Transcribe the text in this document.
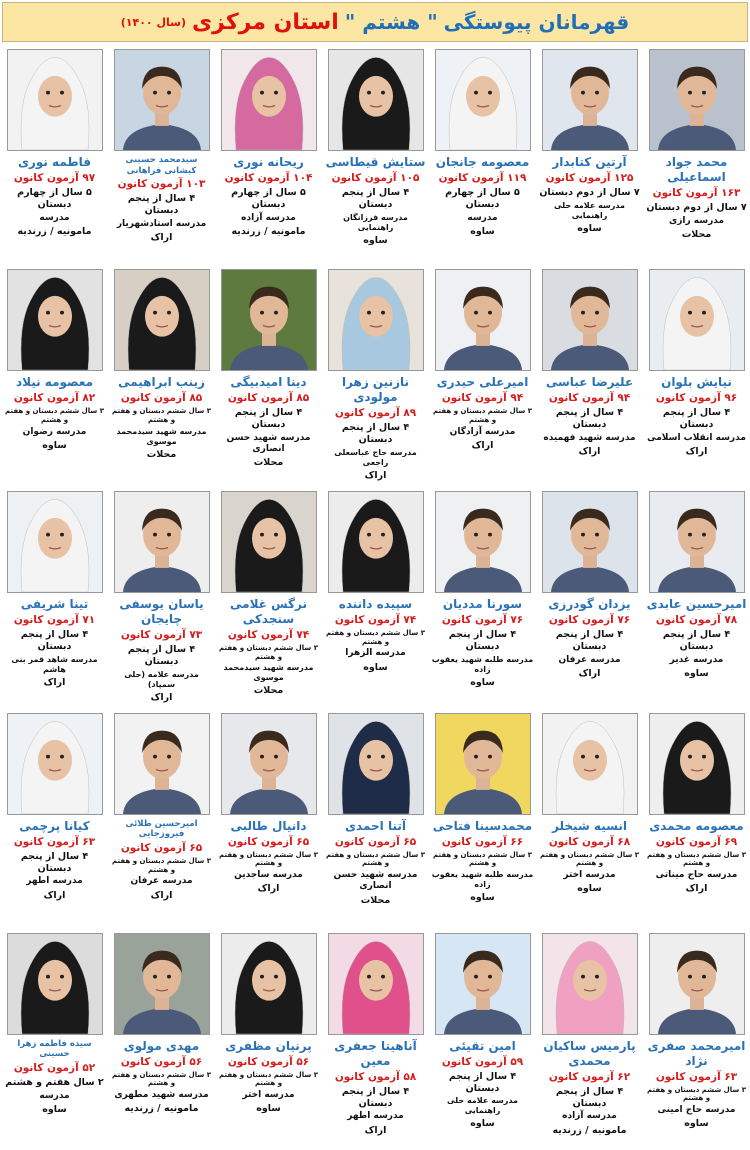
قهرمانان پیوستگی
" هشتم "
استان مرکزی
(سال ۱۴۰۰)
محمد جواد اسماعیلی
۱۶۳ آزمون کانون
۷ سال از دوم دبستان
مدرسه رازی
محلات
آرتین کتابدار
۱۲۵ آزمون کانون
۷ سال از دوم دبستان
مدرسه علامه حلی راهنمایی
ساوه
معصومه جانجان
۱۱۹ آزمون کانون
۵ سال از چهارم دبستان
مدرسه
ساوه
ستایش قیطاسی
۱۰۵ آزمون کانون
۴ سال از پنجم دبستان
مدرسه فرزانگان راهنمایی
ساوه
ریحانه نوری
۱۰۴ آزمون کانون
۵ سال از چهارم دبستان
مدرسه آزاده
مامونیه / زرندیه
سیدمحمد حسینی کیشانی فراهانی
۱۰۳ آزمون کانون
۴ سال از پنجم دبستان
مدرسه استادشهریار
اراک
فاطمه نوری
۹۷ آزمون کانون
۵ سال از چهارم دبستان
مدرسه
مامونیه / زرندیه
نیایش بلوان
۹۶ آزمون کانون
۴ سال از پنجم دبستان
مدرسه انقلاب اسلامی
اراک
علیرضا عباسی
۹۴ آزمون کانون
۴ سال از پنجم دبستان
مدرسه شهید فهمیده
اراک
امیرعلی حیدری
۹۴ آزمون کانون
۳ سال ششم دبستان و هفتم و هشتم
مدرسه آزادگان
اراک
نازنین زهرا مولودی
۸۹ آزمون کانون
۴ سال از پنجم دبستان
مدرسه حاج عباسعلی راجعی
اراک
دینا امیدبیگی
۸۵ آزمون کانون
۴ سال از پنجم دبستان
مدرسه شهید حسن انصاری
محلات
زینب ابراهیمی
۸۵ آزمون کانون
۳ سال ششم دبستان و هفتم و هشتم
مدرسه شهید سیدمحمد موسوی
محلات
معصومه نیلاد
۸۲ آزمون کانون
۳ سال ششم دبستان و هفتم و هشتم
مدرسه رضوان
ساوه
امیرحسین عابدی
۷۸ آزمون کانون
۴ سال از پنجم دبستان
مدرسه غدیر
ساوه
یزدان گودرزی
۷۶ آزمون کانون
۴ سال از پنجم دبستان
مدرسه عرفان
اراک
سورنا مددیان
۷۶ آزمون کانون
۴ سال از پنجم دبستان
مدرسه طلبه شهید یعقوب زاده
ساوه
سپیده داننده
۷۴ آزمون کانون
۳ سال ششم دبستان و هفتم و هشتم
مدرسه الزهرا
ساوه
نرگس غلامی سنجدکی
۷۴ آزمون کانون
۳ سال ششم دبستان و هفتم و هشتم
مدرسه شهید سیدمحمد موسوی
محلات
یاسان یوسفی چایجان
۷۳ آزمون کانون
۴ سال از پنجم دبستان
مدرسه علامه (حلی سمپاد)
اراک
تینا شریفی
۷۱ آزمون کانون
۴ سال از پنجم دبستان
مدرسه شاهد قمر بنی هاشم
اراک
معصومه محمدی
۶۹ آزمون کانون
۳ سال ششم دبستان و هفتم و هشتم
مدرسه حاج میناتی
اراک
انسیه شیخلر
۶۸ آزمون کانون
۳ سال ششم دبستان و هفتم و هشتم
مدرسه اختر
ساوه
محمدسینا فتاحی
۶۶ آزمون کانون
۳ سال ششم دبستان و هفتم و هشتم
مدرسه طلبه شهید یعقوب زاده
ساوه
آتنا احمدی
۶۵ آزمون کانون
۳ سال ششم دبستان و هفتم و هشتم
مدرسه شهید حسن انصاری
محلات
دانیال طالبی
۶۵ آزمون کانون
۳ سال ششم دبستان و هفتم و هشتم
مدرسه ساجدین
اراک
امیرحسین طلائی فیروزجایی
۶۵ آزمون کانون
۳ سال ششم دبستان و هفتم و هشتم
مدرسه عرفان
اراک
کیانا پرچمی
۶۳ آزمون کانون
۴ سال از پنجم دبستان
مدرسه اطهر
اراک
امیرمحمد صفری نژاد
۶۳ آزمون کانون
۳ سال ششم دبستان و هفتم و هشتم
مدرسه حاج امینی
ساوه
پارمیس ساکیان محمدی
۶۲ آزمون کانون
۴ سال از پنجم دبستان
مدرسه آزاده
مامونیه / زرندیه
امین تقیئی
۵۹ آزمون کانون
۴ سال از پنجم دبستان
مدرسه علامه حلی راهنمایی
ساوه
آناهیتا جعفری معین
۵۸ آزمون کانون
۴ سال از پنجم دبستان
مدرسه اطهر
اراک
پرنیان مظفری
۵۶ آزمون کانون
۳ سال ششم دبستان و هفتم و هشتم
مدرسه اختر
ساوه
مهدی مولوی
۵۶ آزمون کانون
۳ سال ششم دبستان و هفتم و هشتم
مدرسه شهید مطهری
مامونیه / زرندیه
سیده فاطمه زهرا حسینی
۵۲ آزمون کانون
۲ سال هفتم و هشتم
مدرسه
ساوه
